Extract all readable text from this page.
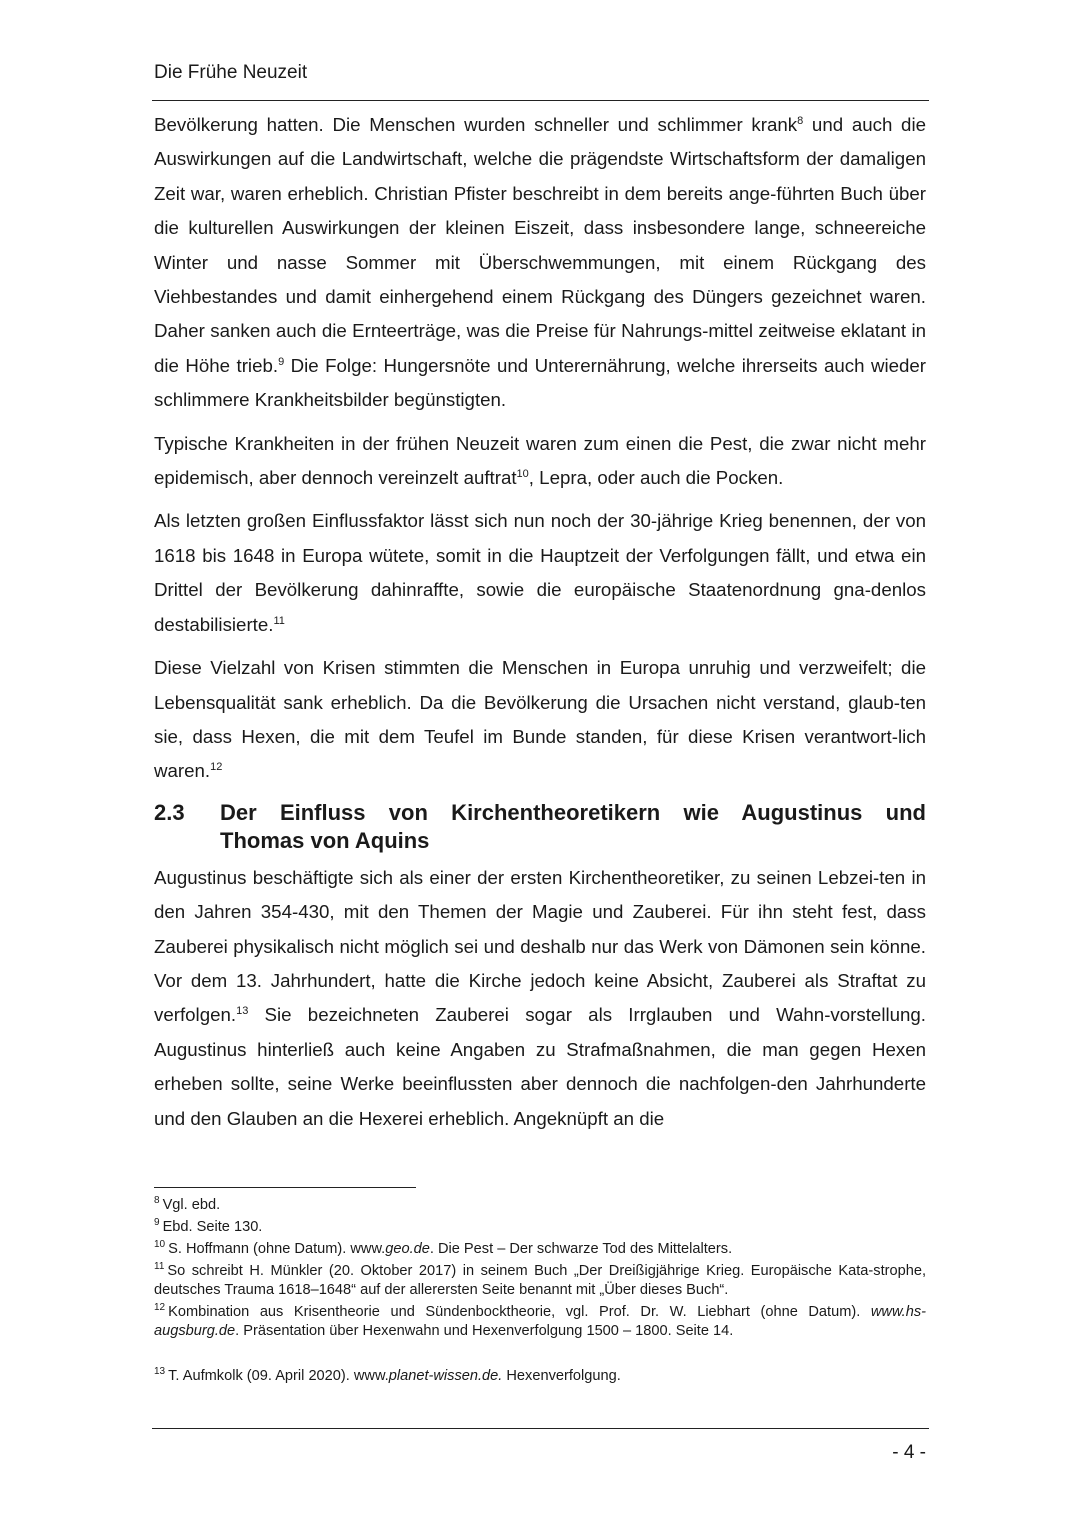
Die Frühe Neuzeit

Bevölkerung hatten. Die Menschen wurden schneller und schlimmer krank$^8$ und auch die Auswirkungen auf die Landwirtschaft, welche die prägendste Wirtschaftsform der damaligen Zeit war, waren erheblich. Christian Pfister beschreibt in dem bereits ange-führten Buch über die kulturellen Auswirkungen der kleinen Eiszeit, dass insbesondere lange, schneereiche Winter und nasse Sommer mit Überschwemmungen, mit einem Rückgang des Viehbestandes und damit einhergehend einem Rückgang des Düngers gezeichnet waren. Daher sanken auch die Ernteerträge, was die Preise für Nahrungs-mittel zeitweise eklatant in die Höhe trieb.$^9$ Die Folge: Hungersnöte und Unterernährung, welche ihrerseits auch wieder schlimmere Krankheitsbilder begünstigten.

Typische Krankheiten in der frühen Neuzeit waren zum einen die Pest, die zwar nicht mehr epidemisch, aber dennoch vereinzelt auftrat$^{10}$, Lepra, oder auch die Pocken.

Als letzten großen Einflussfaktor lässt sich nun noch der 30-jährige Krieg benennen, der von 1618 bis 1648 in Europa wütete, somit in die Hauptzeit der Verfolgungen fällt, und etwa ein Drittel der Bevölkerung dahinraffte, sowie die europäische Staatenordnung gna-denlos destabilisierte.$^{11}$

Diese Vielzahl von Krisen stimmten die Menschen in Europa unruhig und verzweifelt; die Lebensqualität sank erheblich. Da die Bevölkerung die Ursachen nicht verstand, glaub-ten sie, dass Hexen, die mit dem Teufel im Bunde standen, für diese Krisen verantwort-lich waren.$^{12}$

2.3	Der Einfluss von Kirchentheoretikern wie Augustinus und
Thomas von Aquins

Augustinus beschäftigte sich als einer der ersten Kirchentheoretiker, zu seinen Lebzei-ten in den Jahren 354-430, mit den Themen der Magie und Zauberei. Für ihn steht fest, dass Zauberei physikalisch nicht möglich sei und deshalb nur das Werk von Dämonen sein könne. Vor dem 13. Jahrhundert, hatte die Kirche jedoch keine Absicht, Zauberei als Straftat zu verfolgen.$^{13}$ Sie bezeichneten Zauberei sogar als Irrglauben und Wahn-vorstellung. Augustinus hinterließ auch keine Angaben zu Strafmaßnahmen, die man gegen Hexen erheben sollte, seine Werke beeinflussten aber dennoch die nachfolgen-den Jahrhunderte und den Glauben an die Hexerei erheblich. Angeknüpft an die

$^8$ Vgl. ebd.

$^9$ Ebd. Seite 130.

$^{10}$ S. Hoffmann (ohne Datum). www.geo.de. Die Pest – Der schwarze Tod des Mittelalters.

$^{11}$ So schreibt H. Münkler (20. Oktober 2017) in seinem Buch „Der Dreißigjährige Krieg. Europäische Kata-strophe, deutsches Trauma 1618–1648“ auf der allerersten Seite benannt mit „Über dieses Buch“.

$^{12}$ Kombination aus Krisentheorie und Sündenbocktheorie, vgl. Prof. Dr. W. Liebhart (ohne Datum). www.hs-augsburg.de. Präsentation über Hexenwahn und Hexenverfolgung 1500 – 1800. Seite 14.

$^{13}$ T. Aufmkolk (09. April 2020). www.planet-wissen.de. Hexenverfolgung.

- 4 -
